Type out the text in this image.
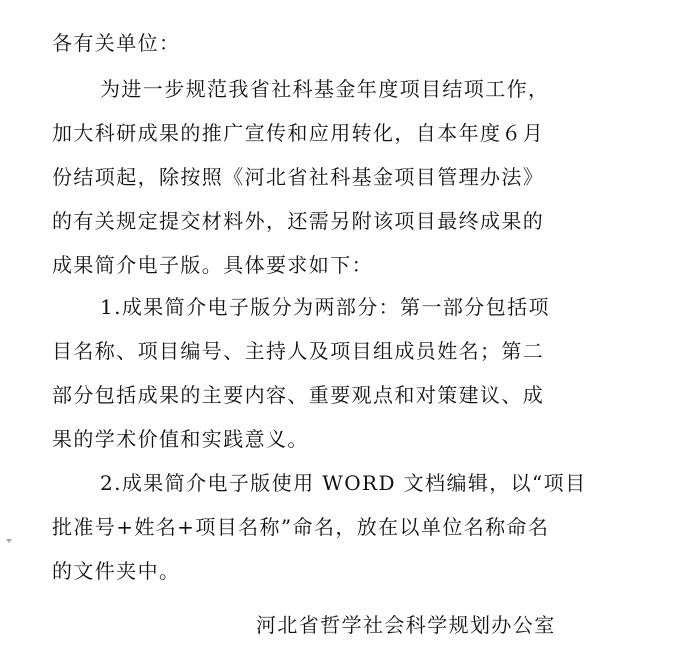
各有关单位：

为进一步规范我省社科基金年度项目结项工作，

加大科研成果的推广宣传和应用转化，自本年度６月

份结项起，除按照《河北省社科基金项目管理办法》

的有关规定提交材料外，还需另附该项目最终成果的

成果简介电子版。具体要求如下：

1.成果简介电子版分为两部分：第一部分包括项

目名称、项目编号、主持人及项目组成员姓名；第二

部分包括成果的主要内容、重要观点和对策建议、成

果的学术价值和实践意义。

2.成果简介电子版使用 WORD 文档编辑，以“项目

批准号+姓名+项目名称”命名，放在以单位名称命名

的文件夹中。

河北省哲学社会科学规划办公室
